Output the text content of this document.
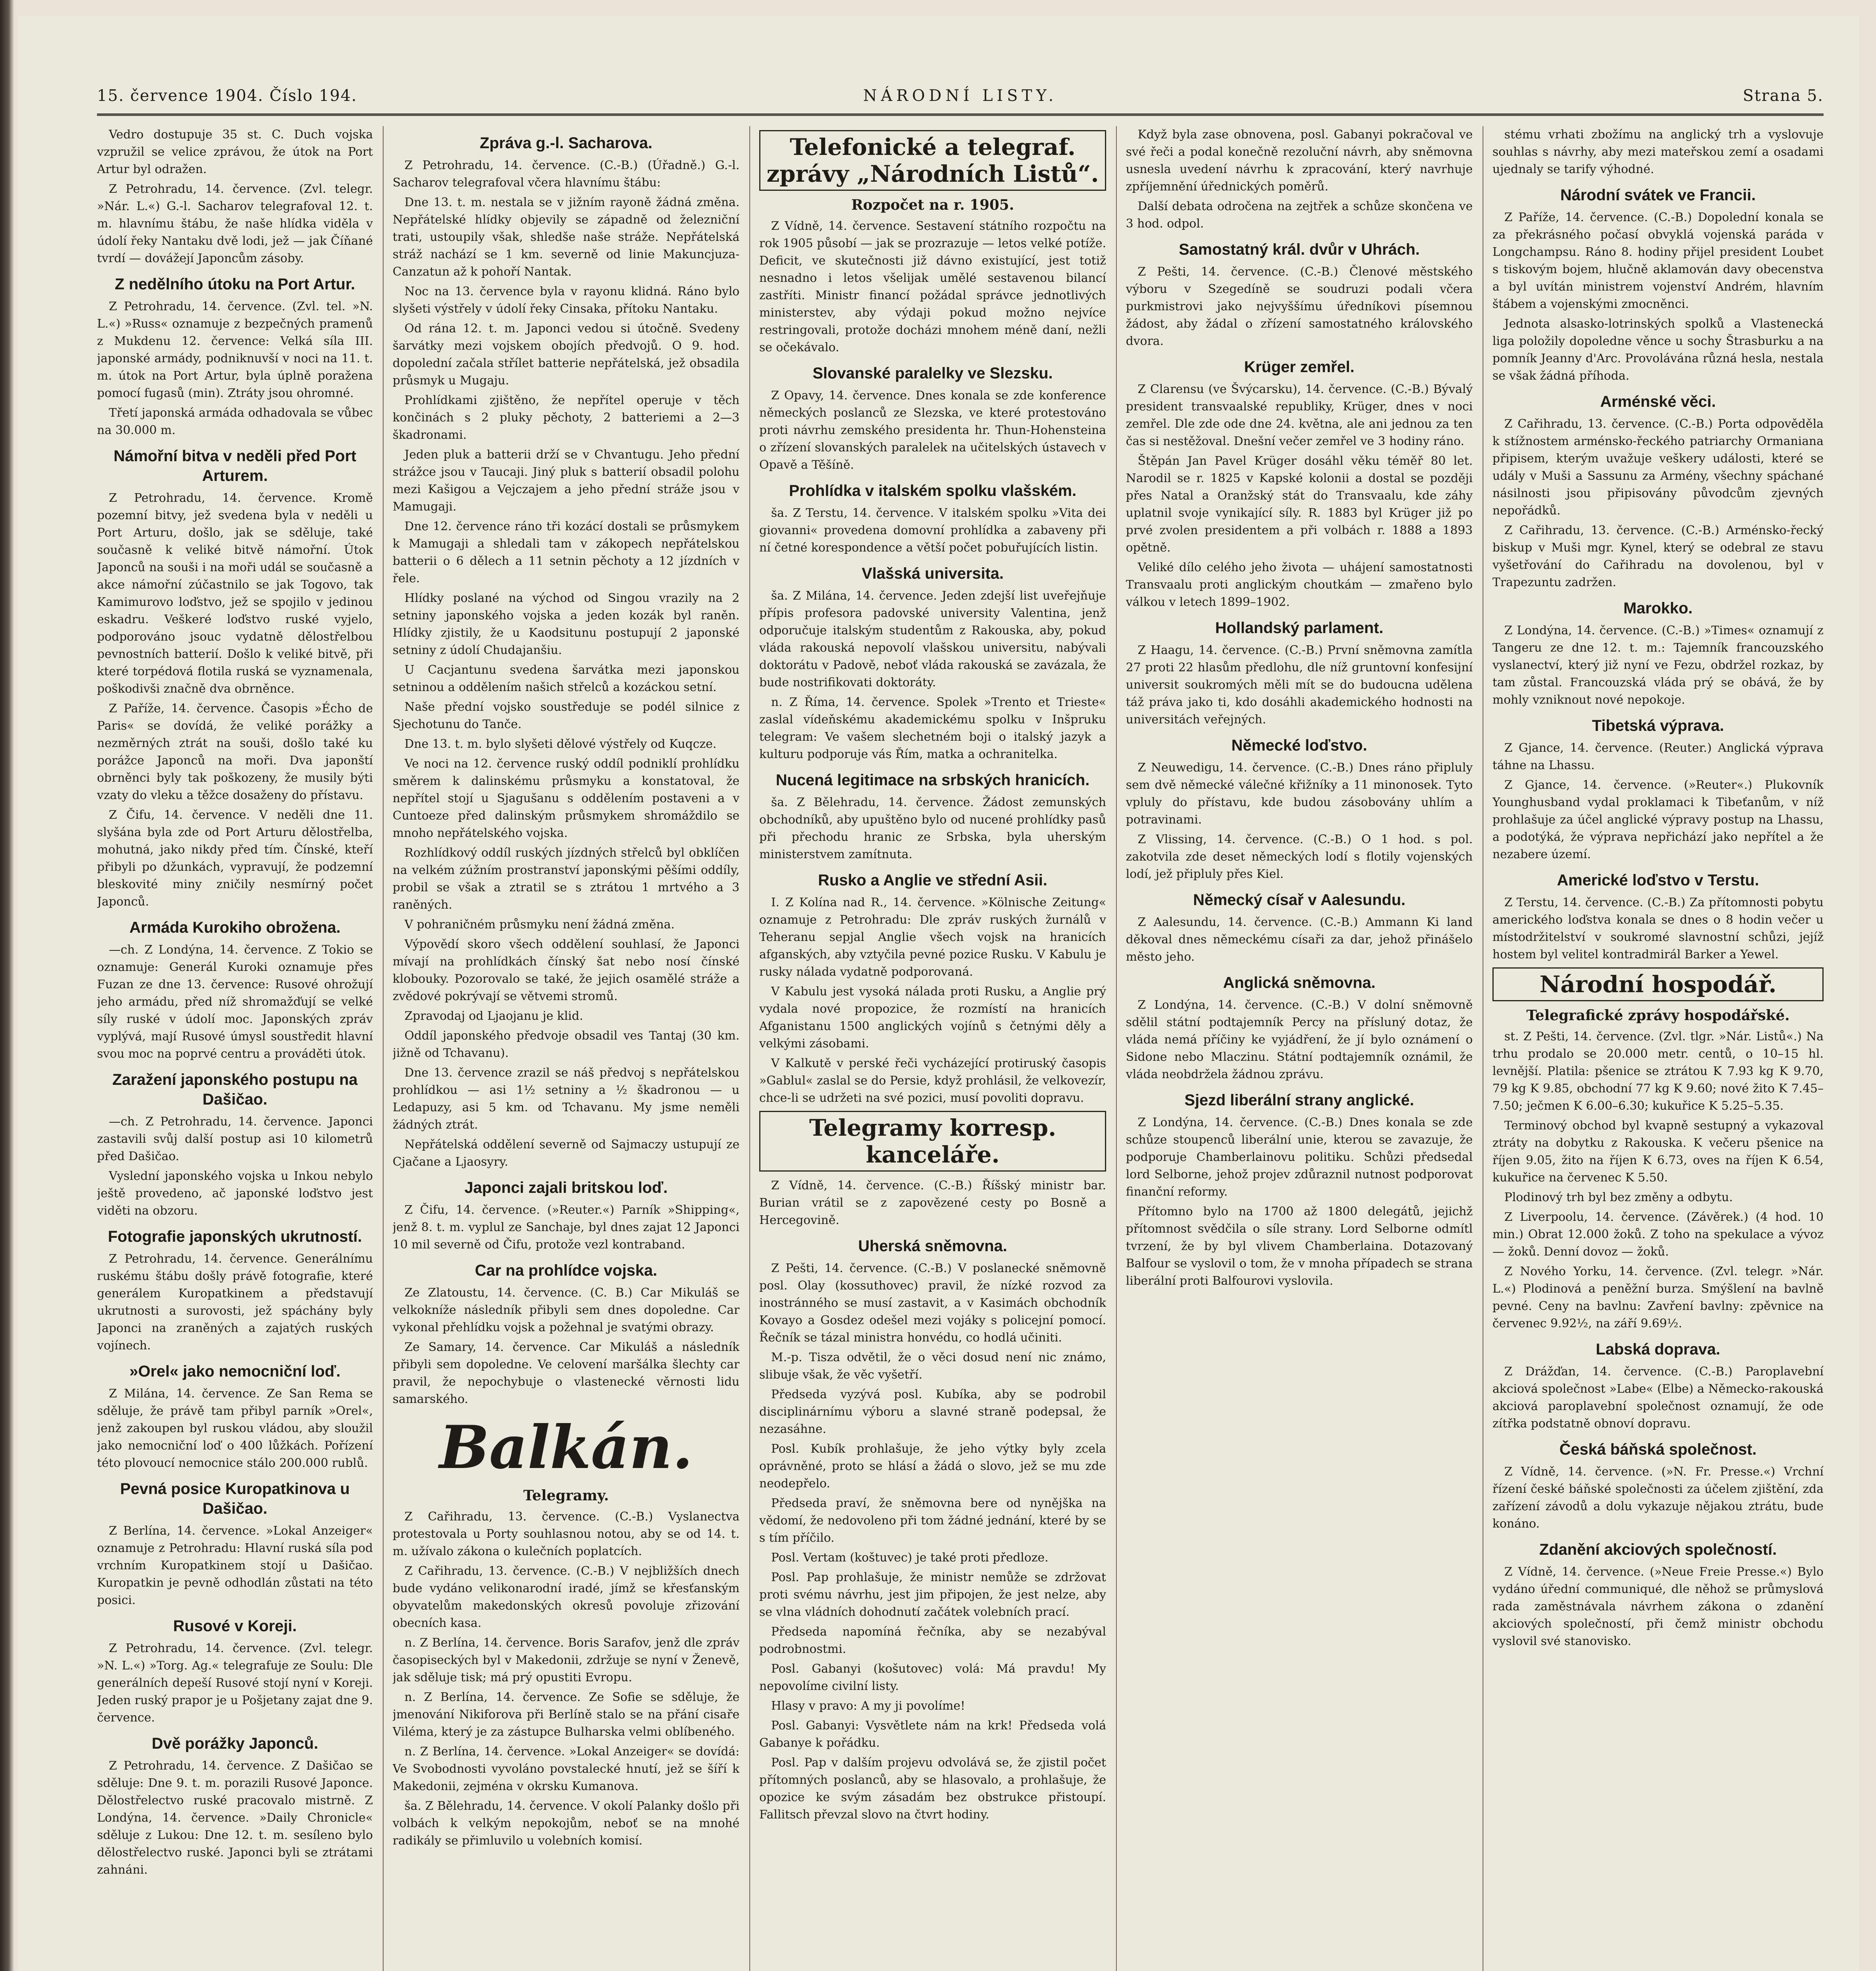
15. července 1904. Číslo 194.	NÁRODNÍ LISTY.	Strana 5.

Vedro dostupuje 35 st. C. Duch vojska vzpružil se velice zprávou, že útok na Port Artur byl odražen.

Z Petrohradu, 14. července. (Zvl. telegr. »Nár. L.«) G.-l. Sacharov telegrafoval 12. t. m. hlavnímu štábu, že naše hlídka viděla v údolí řeky Nantaku dvě lodi, jež — jak Číňané tvrdí — dovážejí Japoncům zásoby.

Z nedělního útoku na Port Artur.

Z Petrohradu, 14. července. (Zvl. tel. »N. L.«) »Russ« oznamuje z bezpečných pramenů z Mukdenu 12. července: Velká síla III. japonské armády, podniknuvší v noci na 11. t. m. útok na Port Artur, byla úplně poražena pomocí fugasů (min). Ztráty jsou ohromné.

Třetí japonská armáda odhadovala se vůbec na 30.000 m.

Námořní bitva v neděli před Port Arturem.

Z Petrohradu, 14. července. Kromě pozemní bitvy, jež svedena byla v neděli u Port Arturu, došlo, jak se sděluje, také současně k veliké bitvě námořní. Útok Japonců na souši i na moři udál se současně a akce námořní zúčastnilo se jak Togovo, tak Kamimurovo loďstvo, jež se spojilo v jedinou eskadru. Veškeré loďstvo ruské vyjelo, podporováno jsouc vydatně dělostřelbou pevnostních batterií. Došlo k veliké bitvě, při které torpédová flotila ruská se vyznamenala, poškodivši značně dva obrněnce.

Z Paříže, 14. července. Časopis »Écho de Paris« se dovídá, že veliké porážky a nezměrných ztrát na souši, došlo také ku porážce Japonců na moři. Dva japonští obrněnci byly tak poškozeny, že musily býti vzaty do vleku a těžce dosaženy do přístavu.

Z Čifu, 14. července. V neděli dne 11. slyšána byla zde od Port Arturu dělostřelba, mohutná, jako nikdy před tím. Čínské, kteří přibyli po džunkách, vypravují, že podzemní bleskovité miny zničily nesmírný počet Japonců.

Armáda Kurokiho obrožena.

—ch. Z Londýna, 14. července. Z Tokio se oznamuje: Generál Kuroki oznamuje přes Fuzan ze dne 13. července: Rusové ohrožují jeho armádu, před níž shromažďují se velké síly ruské v údolí moc. Japonských zpráv vyplývá, mají Rusové úmysl soustředit hlavní svou moc na poprvé centru a prováděti útok.

Zaražení japonského postupu na Dašičao.

—ch. Z Petrohradu, 14. července. Japonci zastavili svůj další postup asi 10 kilometrů před Dašičao.

Vyslední japonského vojska u Inkou nebylo ještě provedeno, ač japonské loďstvo jest viděti na obzoru.

Fotografie japonských ukrutností.

Z Petrohradu, 14. července. Generálnímu ruskému štábu došly právě fotografie, které generálem Kuropatkinem a představují ukrutnosti a surovosti, jež spáchány byly Japonci na zraněných a zajatých ruských vojínech.

»Orel« jako nemocniční loď.

Z Milána, 14. července. Ze San Rema se sděluje, že právě tam přibyl parník »Orel«, jenž zakoupen byl ruskou vládou, aby sloužil jako nemocniční loď o 400 lůžkách. Pořízení této plovoucí nemocnice stálo 200.000 rublů.

Pevná posice Kuropatkinova u Dašičao.

Z Berlína, 14. července. »Lokal Anzeiger« oznamuje z Petrohradu: Hlavní ruská síla pod vrchním Kuropatkinem stojí u Dašičao. Kuropatkin je pevně odhodlán zůstati na této posici.

Rusové v Koreji.

Z Petrohradu, 14. července. (Zvl. telegr. »N. L.«) »Torg. Ag.« telegrafuje ze Soulu: Dle generálních depeší Rusové stojí nyní v Koreji. Jeden ruský prapor je u Pošjetany zajat dne 9. července.

Dvě porážky Japonců.

Z Petrohradu, 14. července. Z Dašičao se sděluje: Dne 9. t. m. porazili Rusové Japonce. Dělostřelectvo ruské pracovalo mistrně. Z Londýna, 14. července. »Daily Chronicle« sděluje z Lukou: Dne 12. t. m. sesíleno bylo dělostřelectvo ruské. Japonci byli se ztrátami zahnáni.

Zpráva g.-l. Sacharova.

Z Petrohradu, 14. července. (C.-B.) (Úřadně.) G.-l. Sacharov telegrafoval včera hlavnímu štábu:

Dne 13. t. m. nestala se v jižním rayoně žádná změna. Nepřátelské hlídky objevily se západně od železniční trati, ustoupily však, shledše naše stráže. Nepřátelská stráž nachází se 1 km. severně od linie Makuncjuza-Canzatun až k pohoří Nantak.

Noc na 13. července byla v rayonu klidná. Ráno bylo slyšeti výstřely v údolí řeky Cinsaka, přítoku Nantaku.

Od rána 12. t. m. Japonci vedou si útočně. Svedeny šarvátky mezi vojskem obojích předvojů. O 9. hod. dopolední začala střílet batterie nepřátelská, jež obsadila průsmyk u Mugaju.

Prohlídkami zjištěno, že nepřítel operuje v těch končinách s 2 pluky pěchoty, 2 batteriemi a 2—3 škadronami.

Jeden pluk a batterii drží se v Chvantugu. Jeho přední strážce jsou v Taucaji. Jiný pluk s batterií obsadil polohu mezi Kašigou a Vejczajem a jeho přední stráže jsou v Mamugaji.

Dne 12. července ráno tři kozácí dostali se průsmykem k Mamugaji a shledali tam v zákopech nepřátelskou batterii o 6 dělech a 11 setnin pěchoty a 12 jízdních v řele.

Hlídky poslané na východ od Singou vrazily na 2 setniny japonského vojska a jeden kozák byl raněn. Hlídky zjistily, že u Kaodsitunu postupují 2 japonské setniny z údolí Chudajanšiu.

U Cacjantunu svedena šarvátka mezi japonskou setninou a oddělením našich střelců a kozáckou setní.

Naše přední vojsko soustředuje se podél silnice z Sjechotunu do Tanče.

Dne 13. t. m. bylo slyšeti dělové výstřely od Kuqcze.

Ve noci na 12. července ruský oddíl podniklí prohlídku směrem k dalinskému průsmyku a konstatoval, že nepřítel stojí u Sjagušanu s oddělením postaveni a v Cuntoeze před dalinským průsmykem shromáždilo se mnoho nepřátelského vojska.

Rozhlídkový oddíl ruských jízdných střelců byl obklíčen na velkém zúžním prostranství japonskými pěšími oddíly, probil se však a ztratil se s ztrátou 1 mrtvého a 3 raněných.

V pohraničném průsmyku není žádná změna.

Výpovědí skoro všech oddělení souhlasí, že Japonci mívají na prohlídkách čínský šat nebo nosí čínské klobouky. Pozorovalo se také, že jejich osamělé stráže a zvědové pokrývají se větvemi stromů.

Zpravodaj od Ljaojanu je klid.

Oddíl japonského předvoje obsadil ves Tantaj (30 km. jižně od Tchavanu).

Dne 13. července zrazil se náš předvoj s nepřátelskou prohlídkou — asi 1½ setniny a ½ škadronou — u Ledapuzy, asi 5 km. od Tchavanu. My jsme neměli žádných ztrát.

Nepřátelská oddělení severně od Sajmaczy ustupují ze Cjačane a Ljaosyry.

Japonci zajali britskou loď.

Z Čifu, 14. července. (»Reuter.«) Parník »Shipping«, jenž 8. t. m. vyplul ze Sanchaje, byl dnes zajat 12 Japonci 10 mil severně od Čifu, protože vezl kontraband.

Car na prohlídce vojska.

Ze Zlatoustu, 14. července. (C. B.) Car Mikuláš se velkokníže následník přibyli sem dnes dopoledne. Car vykonal přehlídku vojsk a požehnal je svatými obrazy.

Ze Samary, 14. července. Car Mikuláš a následník přibyli sem dopoledne. Ve celovení maršálka šlechty car pravil, že nepochybuje o vlastenecké věrnosti lidu samarského.

Balkán.
Telegramy.

Z Cařihradu, 13. července. (C.-B.) Vyslanectva protestovala u Porty souhlasnou notou, aby se od 14. t. m. užívalo zákona o kulečních poplatcích.

Z Cařihradu, 13. července. (C.-B.) V nejbližších dnech bude vydáno velikonarodní iradé, jímž se křesťanským obyvatelům makedonských okresů povoluje zřizování obecních kasa.

n. Z Berlína, 14. července. Boris Sarafov, jenž dle zpráv časopiseckých byl v Makedonii, zdržuje se nyní v Ženevě, jak sděluje tisk; má prý opustiti Evropu.

n. Z Berlína, 14. července. Ze Sofie se sděluje, že jmenování Nikiforova při Berlíně stalo se na přání cisaře Viléma, který je za zástupce Bulharska velmi oblíbeného.

n. Z Berlína, 14. července. »Lokal Anzeiger« se dovídá: Ve Svobodnosti vyvoláno povstalecké hnutí, jež se šíří k Makedonii, zejména v okrsku Kumanova.

ša. Z Bělehradu, 14. července. V okolí Palanky došlo při volbách k velkým nepokojům, neboť se na mnohé radikály se přimluvilo u volebních komisí.

Telefonické a telegraf. zprávy „Národních Listů“.
Rozpočet na r. 1905.

Z Vídně, 14. července. Sestavení státního rozpočtu na rok 1905 působí — jak se prozrazuje — letos velké potíže. Deficit, ve skutečnosti již dávno existující, jest totiž nesnadno i letos všelijak umělé sestavenou bilancí zastříti. Ministr financí požádal správce jednotlivých ministerstev, aby výdaji pokud možno nejvíce restringovali, protože docházi mnohem méně daní, nežli se očekávalo.

Slovanské paralelky ve Slezsku.

Z Opavy, 14. července. Dnes konala se zde konference německých poslanců ze Slezska, ve které protestováno proti návrhu zemského presidenta hr. Thun-Hohensteina o zřízení slovanských paralelek na učitelských ústavech v Opavě a Těšíně.

Prohlídka v italském spolku vlašském.

ša. Z Terstu, 14. července. V italském spolku »Vita dei giovanni« provedena domovní prohlídka a zabaveny při ní četné korespondence a větší počet pobuřujících listin.

Vlašská universita.

ša. Z Milána, 14. července. Jeden zdejší list uveřejňuje přípis profesora padovské university Valentina, jenž odporučuje italským studentům z Rakouska, aby, pokud vláda rakouská nepovolí vlašskou universitu, nabývali doktorátu v Padově, neboť vláda rakouská se zavázala, že bude nostrifikovati doktoráty.

n. Z Říma, 14. července. Spolek »Trento et Trieste« zaslal vídeňskému akademickému spolku v Inšpruku telegram: Ve vašem slechetném boji o italský jazyk a kulturu podporuje vás Řím, matka a ochranitelka.

Nucená legitimace na srbských hranicích.

ša. Z Bělehradu, 14. července. Žádost zemunských obchodníků, aby upuštěno bylo od nucené prohlídky pasů při přechodu hranic ze Srbska, byla uherským ministerstvem zamítnuta.

Rusko a Anglie ve střední Asii.

I. Z Kolína nad R., 14. července. »Kölnische Zeitung« oznamuje z Petrohradu: Dle zpráv ruských žurnálů v Teheranu sepjal Anglie všech vojsk na hranicích afganských, aby vztyčila pevné pozice Rusku. V Kabulu je rusky nálada vydatně podporovaná.

V Kabulu jest vysoká nálada proti Rusku, a Anglie prý vydala nové propozice, že rozmístí na hranicích Afganistanu 1500 anglických vojínů s četnými děly a velkými zásobami.

V Kalkutě v perské řeči vycházející protiruský časopis »Gablul« zaslal se do Persie, když prohlásil, že velkovezír, chce-li se udržeti na své pozici, musí povoliti dopravu.

Telegramy korresp. kanceláře.

Z Vídně, 14. července. (C.-B.) Říšský ministr bar. Burian vrátil se z zapovězené cesty po Bosně a Hercegovině.

Uherská sněmovna.

Z Pešti, 14. července. (C.-B.) V poslanecké sněmovně posl. Olay (kossuthovec) pravil, že nízké rozvod za inostránného se musí zastavit, a v Kasimách obchodník Kovayo a Gosdez odešel mezi vojáky s policejní pomocí. Řečník se tázal ministra honvédu, co hodlá učiniti.

M.-p. Tisza odvětil, že o věci dosud není nic známo, slibuje však, že věc vyšetří.

Předseda vyzývá posl. Kubíka, aby se podrobil disciplinárnímu výboru a slavné straně podepsal, že nezasáhne.

Posl. Kubík prohlašuje, že jeho výtky byly zcela oprávněné, proto se hlásí a žádá o slovo, jež se mu zde neodepřelo.

Předseda praví, že sněmovna bere od nynějška na vědomí, že nedovoleno při tom žádné jednání, které by se s tím příčilo.

Posl. Vertam (koštuvec) je také proti předloze.

Posl. Pap prohlašuje, že ministr nemůže se zdržovat proti svému návrhu, jest jim připojen, že jest nelze, aby se vlna vládních dohodnutí začátek volebních prací.

Předseda napomíná řečníka, aby se nezabýval podrobnostmi.

Posl. Gabanyi (košutovec) volá: Má pravdu! My nepovolíme civilní listy.

Hlasy v pravo: A my ji povolíme!

Posl. Gabanyi: Vysvětlete nám na krk! Předseda volá Gabanye k pořádku.

Posl. Pap v dalším projevu odvolává se, že zjistil počet přítomných poslanců, aby se hlasovalo, a prohlašuje, že opozice ke svým zásadám bez obstrukce přistoupí. Fallitsch převzal slovo na čtvrt hodiny.

Když byla zase obnovena, posl. Gabanyi pokračoval ve své řeči a podal konečně rezoluční návrh, aby sněmovna usnesla uvedení návrhu k zpracování, který navrhuje zpříjemnění úřednických poměrů.

Další debata odročena na zejtřek a schůze skončena ve 3 hod. odpol.

Samostatný král. dvůr v Uhrách.

Z Pešti, 14. července. (C.-B.) Členové městského výboru v Szegedíně se soudruzi podali včera purkmistrovi jako nejvyššímu úředníkovi písemnou žádost, aby žádal o zřízení samostatného královského dvora.

Krüger zemřel.

Z Clarensu (ve Švýcarsku), 14. července. (C.-B.) Bývalý president transvaalské republiky, Krüger, dnes v noci zemřel. Dle zde ode dne 24. května, ale ani jednou za ten čas si nestěžoval. Dnešní večer zemřel ve 3 hodiny ráno.

Štěpán Jan Pavel Krüger dosáhl věku téměř 80 let. Narodil se r. 1825 v Kapské kolonii a dostal se později přes Natal a Oranžský stát do Transvaalu, kde záhy uplatnil svoje vynikající síly. R. 1883 byl Krüger již po prvé zvolen presidentem a při volbách r. 1888 a 1893 opětně.

Veliké dílo celého jeho života — uhájení samostatnosti Transvaalu proti anglickým choutkám — zmařeno bylo válkou v letech 1899–1902.

Hollandský parlament.

Z Haagu, 14. července. (C.-B.) První sněmovna zamítla 27 proti 22 hlasům předlohu, dle níž gruntovní konfesijní universit soukromých měli mít se do budoucna udělena táž práva jako ti, kdo dosáhli akademického hodnosti na universitách veřejných.

Německé loďstvo.

Z Neuwedigu, 14. července. (C.-B.) Dnes ráno připluly sem dvě německé válečné křižníky a 11 minonosek. Tyto vpluly do přístavu, kde budou zásobovány uhlím a potravinami.

Z Vlissing, 14. července. (C.-B.) O 1 hod. s pol. zakotvila zde deset německých lodí s flotily vojenských lodí, jež připluly přes Kiel.

Německý císař v Aalesundu.

Z Aalesundu, 14. července. (C.-B.) Ammann Ki land děkoval dnes německému císaři za dar, jehož přinášelo město jeho.

Anglická sněmovna.

Z Londýna, 14. července. (C.-B.) V dolní sněmovně sdělil státní podtajemník Percy na přísluný dotaz, že vláda nemá příčiny ke vyjádření, že jí bylo oznámení o Sidone nebo Mlaczinu. Státní podtajemník oznámil, že vláda neobdržela žádnou zprávu.

Sjezd liberální strany anglické.

Z Londýna, 14. července. (C.-B.) Dnes konala se zde schůze stoupenců liberální unie, kterou se zavazuje, že podporuje Chamberlainovu politiku. Schůzi předsedal lord Selborne, jehož projev zdůraznil nutnost podporovat finanční reformy.

Přítomno bylo na 1700 až 1800 delegátů, jejichž přítomnost svědčila o síle strany. Lord Selborne odmítl tvrzení, že by byl vlivem Chamberlaina. Dotazovaný Balfour se vyslovil o tom, že v mnoha případech se strana liberální proti Balfourovi vyslovila.

stému vrhati zbožímu na anglický trh a vyslovuje souhlas s návrhy, aby mezi mateřskou zemí a osadami ujednaly se tarify výhodné.

Národní svátek ve Francii.

Z Paříže, 14. července. (C.-B.) Dopolední konala se za překrásného počasí obvyklá vojenská paráda v Longchampsu. Ráno 8. hodiny přijel president Loubet s tiskovým bojem, hlučně aklamován davy obecenstva a byl uvítán ministrem vojenství Andrém, hlavním štábem a vojenskými zmocněnci.

Jednota alsasko-lotrinských spolků a Vlastenecká liga položily dopoledne věnce u sochy Štrasburku a na pomník Jeanny d'Arc. Provolávána různá hesla, nestala se však žádná příhoda.

Arménské věci.

Z Cařihradu, 13. července. (C.-B.) Porta odpověděla k stížnostem arménsko-řeckého patriarchy Ormaniana připisem, kterým uvažuje veškery události, které se udály v Muši a Sassunu za Armény, všechny spáchané násilnosti jsou připisovány původcům zjevných nepořádků.

Z Cařihradu, 13. července. (C.-B.) Arménsko-řecký biskup v Muši mgr. Kynel, který se odebral ze stavu vyšetřování do Cařihradu na dovolenou, byl v Trapezuntu zadržen.

Marokko.

Z Londýna, 14. července. (C.-B.) »Times« oznamují z Tangeru ze dne 12. t. m.: Tajemník francouzského vyslanectví, který již nyní ve Fezu, obdržel rozkaz, by tam zůstal. Francouzská vláda prý se obává, že by mohly vzniknout nové nepokoje.

Tibetská výprava.

Z Gjance, 14. července. (Reuter.) Anglická výprava táhne na Lhassu.

Z Gjance, 14. července. (»Reuter«.) Plukovník Younghusband vydal proklamaci k Tibeťanům, v níž prohlašuje za účel anglické výpravy postup na Lhassu, a podotýká, že výprava nepřichází jako nepřítel a že nezabere území.

Americké loďstvo v Terstu.

Z Terstu, 14. července. (C.-B.) Za přítomnosti pobytu amerického loďstva konala se dnes o 8 hodin večer u místodržitelství v soukromé slavnostní schůzi, jejíž hostem byl velitel kontradmirál Barker a Yewel.

Národní hospodář.
Telegrafické zprávy hospodářské.

st. Z Pešti, 14. července. (Zvl. tlgr. »Nár. Listů«.) Na trhu prodalo se 20.000 metr. centů, o 10–15 hl. levnější. Platila: pšenice se ztrátou K 7.93 kg K 9.70, 79 kg K 9.85, obchodní 77 kg K 9.60; nové žito K 7.45–7.50; ječmen K 6.00–6.30; kukuřice K 5.25–5.35.

Terminový obchod byl kvapně sestupný a vykazoval ztráty na dobytku z Rakouska. K večeru pšenice na říjen 9.05, žito na říjen K 6.73, oves na říjen K 6.54, kukuřice na červenec K 5.50.

Plodinový trh byl bez změny a odbytu.

Z Liverpoolu, 14. července. (Závěrek.) (4 hod. 10 min.) Obrat 12.000 žoků. Z toho na spekulace a vývoz — žoků. Denní dovoz — žoků.

Z Nového Yorku, 14. července. (Zvl. telegr. »Nár. L.«) Plodinová a peněžní burza. Smýšlení na bavlně pevné. Ceny na bavlnu: Zavření bavlny: zpěvnice na červenec 9.92½, na září 9.69½.

Labská doprava.

Z Drážďan, 14. července. (C.-B.) Paroplavební akciová společnost »Labe« (Elbe) a Německo-rakouská akciová paroplavební společnost oznamují, že ode zítřka podstatně obnoví dopravu.

Česká báňská společnost.

Z Vídně, 14. července. (»N. Fr. Presse.«) Vrchní řízení české báňské společnosti za účelem zjištění, zda zařízení závodů a dolu vykazuje nějakou ztrátu, bude konáno.

Zdanění akciových společností.

Z Vídně, 14. července. (»Neue Freie Presse.«) Bylo vydáno úřední communiqué, dle něhož se průmyslová rada zaměstnávala návrhem zákona o zdanění akciových společností, při čemž ministr obchodu vyslovil své stanovisko.
